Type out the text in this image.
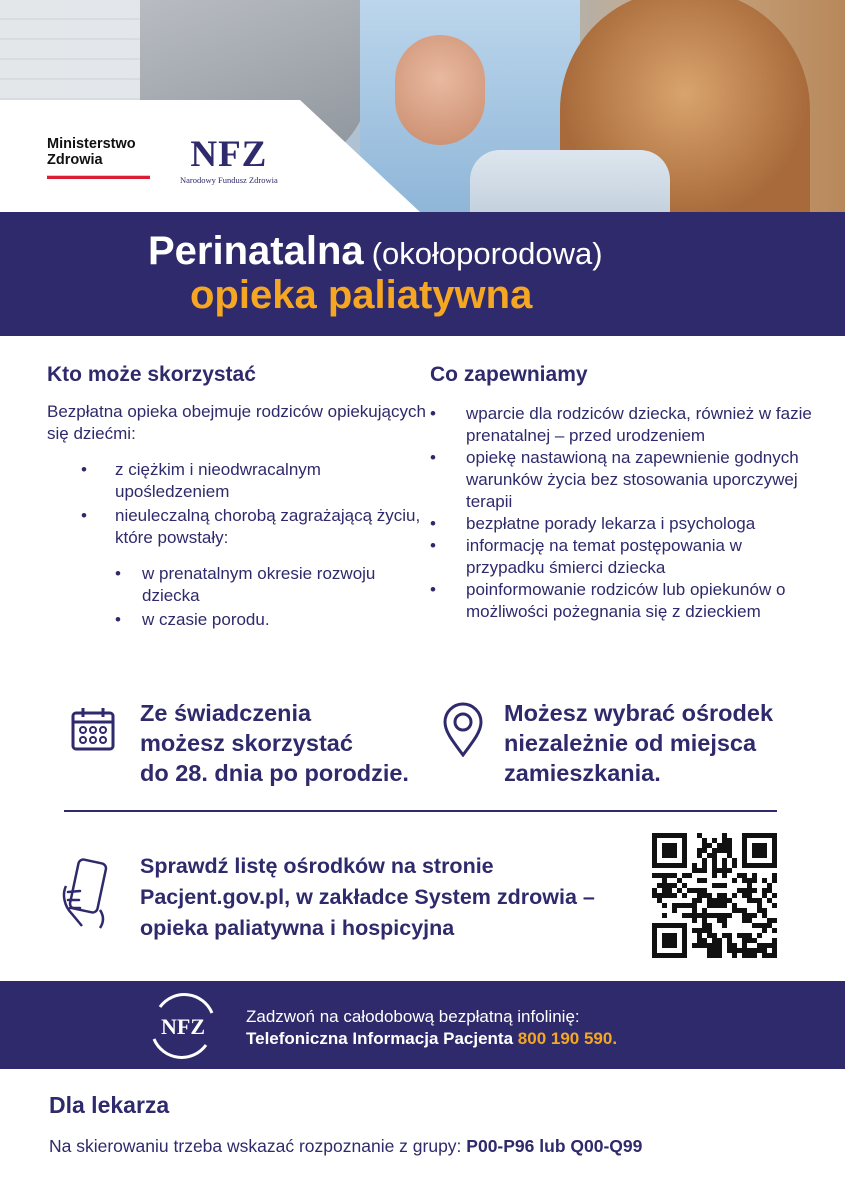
Ministerstwo
Zdrowia	NFZ
Narodowy Fundusz Zdrowia
Perinatalna (okołoporodowa)
opieka paliatywna
Kto może skorzystać
Bezpłatna opieka obejmuje rodziców opiekujących się dziećmi:
• z ciężkim i nieodwracalnym upośledzeniem
• nieuleczalną chorobą zagrażającą życiu, które powstały:
• w prenatalnym okresie rozwoju dziecka
• w czasie porodu.
Co zapewniamy
• wparcie dla rodziców dziecka, również w fazie prenatalnej – przed urodzeniem
• opiekę nastawioną na zapewnienie godnych warunków życia bez stosowania uporczywej terapii
• bezpłatne porady lekarza i psychologa
• informację na temat postępowania w przypadku śmierci dziecka
• poinformowanie rodziców lub opiekunów o możliwości pożegnania się z dzieckiem
Ze świadczenia
możesz skorzystać
do 28. dnia po porodzie.
Możesz wybrać ośrodek
niezależnie od miejsca
zamieszkania.
Sprawdź listę ośrodków na stronie
Pacjent.gov.pl, w zakładce System zdrowia –
opieka paliatywna i hospicyjna
NFZ Zadzwoń na całodobową bezpłatną infolinię:
Telefoniczna Informacja Pacjenta 800 190 590.
Dla lekarza
Na skierowaniu trzeba wskazać rozpoznanie z grupy: P00-P96 lub Q00-Q99
